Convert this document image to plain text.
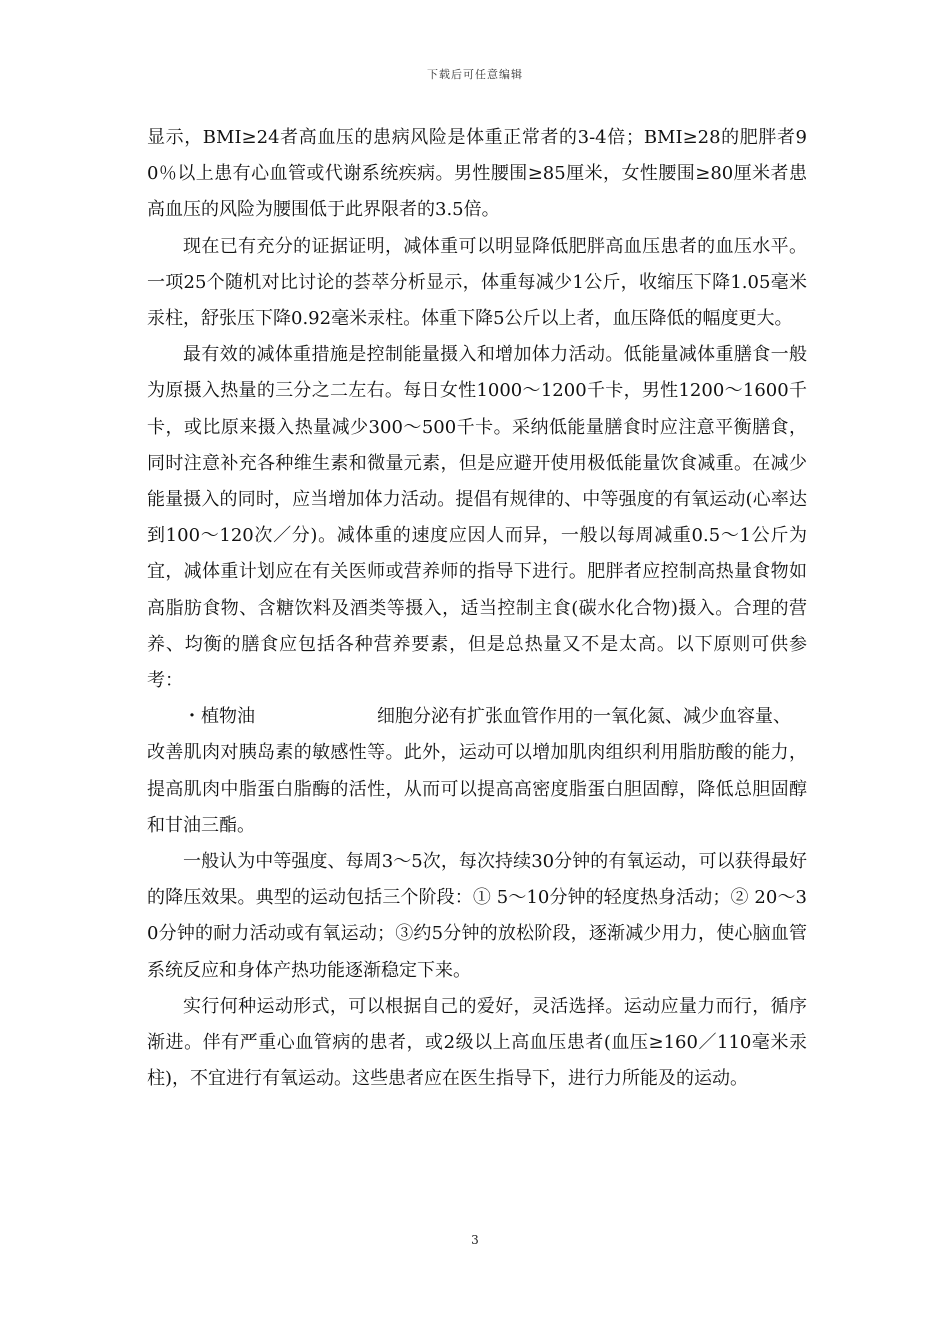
下载后可任意编辑

显示，BMI≥24者高血压的患病风险是体重正常者的3-4倍；BMI≥28的肥胖者90％以上患有心血管或代谢系统疾病。男性腰围≥85厘米，女性腰围≥80厘米者患高血压的风险为腰围低于此界限者的3.5倍。

现在已有充分的证据证明，减体重可以明显降低肥胖高血压患者的血压水平。一项25个随机对比讨论的荟萃分析显示，体重每减少1公斤，收缩压下降1.05毫米汞柱，舒张压下降0.92毫米汞柱。体重下降5公斤以上者，血压降低的幅度更大。

最有效的减体重措施是控制能量摄入和增加体力活动。低能量减体重膳食一般为原摄入热量的三分之二左右。每日女性1000～1200千卡，男性1200～1600千卡，或比原来摄入热量减少300～500千卡。采纳低能量膳食时应注意平衡膳食，同时注意补充各种维生素和微量元素，但是应避开使用极低能量饮食减重。在减少能量摄入的同时，应当增加体力活动。提倡有规律的、中等强度的有氧运动(心率达到100～120次／分)。减体重的速度应因人而异，一般以每周减重0.5～1公斤为宜，减体重计划应在有关医师或营养师的指导下进行。肥胖者应控制高热量食物如高脂肪食物、含糖饮料及酒类等摄入，适当控制主食(碳水化合物)摄入。合理的营养、均衡的膳食应包括各种营养要素，但是总热量又不是太高。以下原则可供参考：

・植物油	细胞分泌有扩张血管作用的一氧化氮、减少血容量、

改善肌肉对胰岛素的敏感性等。此外，运动可以增加肌肉组织利用脂肪酸的能力，提高肌肉中脂蛋白脂酶的活性，从而可以提高高密度脂蛋白胆固醇，降低总胆固醇和甘油三酯。

一般认为中等强度、每周3～5次，每次持续30分钟的有氧运动，可以获得最好的降压效果。典型的运动包括三个阶段：① 5～10分钟的轻度热身活动；② 20～30分钟的耐力活动或有氧运动；③约5分钟的放松阶段，逐渐减少用力，使心脑血管系统反应和身体产热功能逐渐稳定下来。

实行何种运动形式，可以根据自己的爱好，灵活选择。运动应量力而行，循序渐进。伴有严重心血管病的患者，或2级以上高血压患者(血压≥160／110毫米汞柱)，不宜进行有氧运动。这些患者应在医生指导下，进行力所能及的运动。

3
